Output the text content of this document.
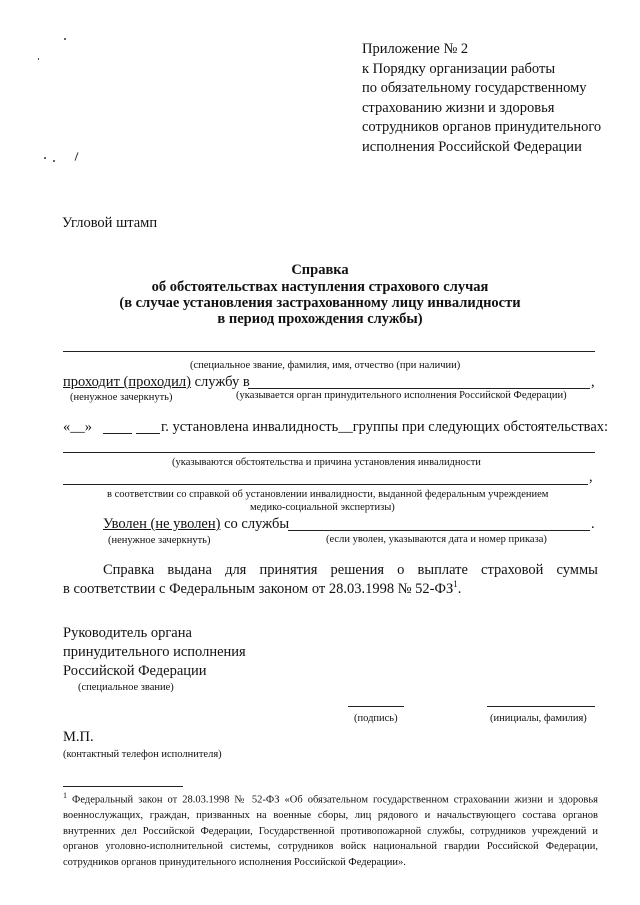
Приложение № 2
к Порядку организации работы
по обязательному государственному
страхованию жизни и здоровья
сотрудников органов принудительного
исполнения Российской Федерации
Угловой штамп
Справка
об обстоятельствах наступления страхового случая
(в случае установления застрахованному лицу инвалидности
в период прохождения службы)
(специальное звание, фамилия, имя, отчество (при наличии)
проходит (проходил) службу в	,
(ненужное зачеркнуть)	(указывается орган принудительного исполнения Российской Федерации)
«__»	г. установлена инвалидность__группы при следующих обстоятельствах:
(указываются обстоятельства и причина установления инвалидности
,
в соответствии со справкой об установлении инвалидности, выданной федеральным учреждением
медико-социальной экспертизы)
Уволен (не уволен) со службы	.
(ненужное зачеркнуть)	(если уволен, указываются дата и номер приказа)
Справка выдана для принятия решения о выплате страховой суммы
в соответствии с Федеральным законом от 28.03.1998 № $52-ФЗ^1$.
Руководитель органа
принудительного исполнения
Российской Федерации
(специальное звание)
(подпись)	(инициалы, фамилия)
М.П.
(контактный телефон исполнителя)
$^1$ Федеральный закон от 28.03.1998 № 52-ФЗ «Об обязательном государственном страховании жизни и здоровья военнослужащих, граждан, призванных на военные сборы, лиц рядового и начальствующего состава органов внутренних дел Российской Федерации, Государственной противопожарной службы, сотрудников учреждений и органов уголовно-исполнительной системы, сотрудников войск национальной гвардии Российской Федерации, сотрудников органов принудительного исполнения Российской Федерации».
